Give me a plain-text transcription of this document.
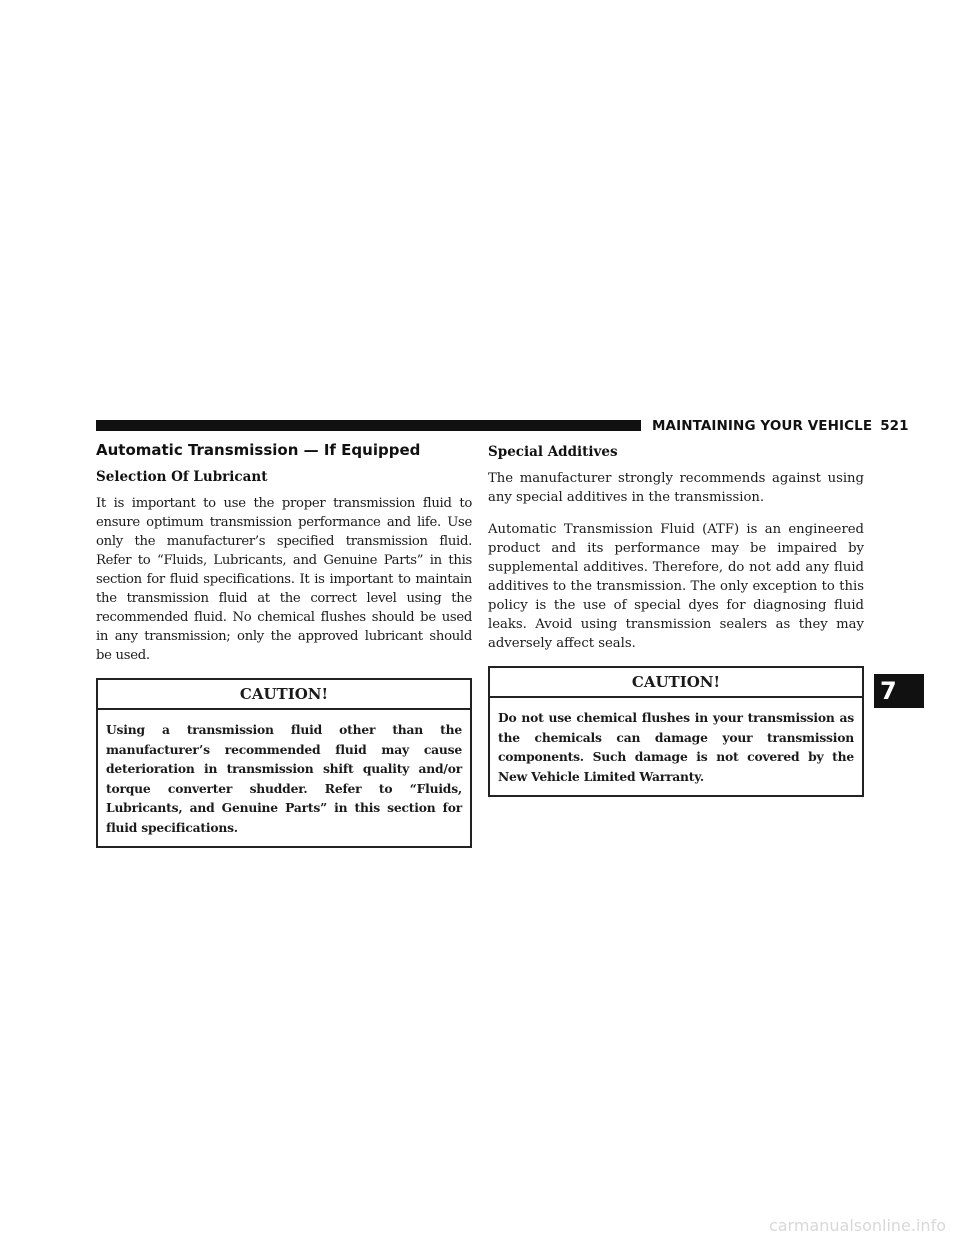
MAINTAINING YOUR VEHICLE 521
Automatic Transmission — If Equipped
Selection Of Lubricant

It is important to use the proper transmission fluid to ensure optimum transmission performance and life. Use only the manufacturer’s specified transmission fluid. Refer to “Fluids, Lubricants, and Genuine Parts” in this section for fluid specifications. It is important to maintain the transmission fluid at the correct level using the recommended fluid. No chemical flushes should be used in any transmission; only the approved lubricant should be used.

CAUTION!
Using a transmission fluid other than the manufacturer’s recommended fluid may cause deterioration in transmission shift quality and/or torque converter shudder. Refer to “Fluids, Lubricants, and Genuine Parts” in this section for fluid specifications.
Special Additives

The manufacturer strongly recommends against using any special additives in the transmission.

Automatic Transmission Fluid (ATF) is an engineered product and its performance may be impaired by supplemental additives. Therefore, do not add any fluid additives to the transmission. The only exception to this policy is the use of special dyes for diagnosing fluid leaks. Avoid using transmission sealers as they may adversely affect seals.

CAUTION!
Do not use chemical flushes in your transmission as the chemicals can damage your transmission components. Such damage is not covered by the New Vehicle Limited Warranty.
7
carmanualsonline.info
